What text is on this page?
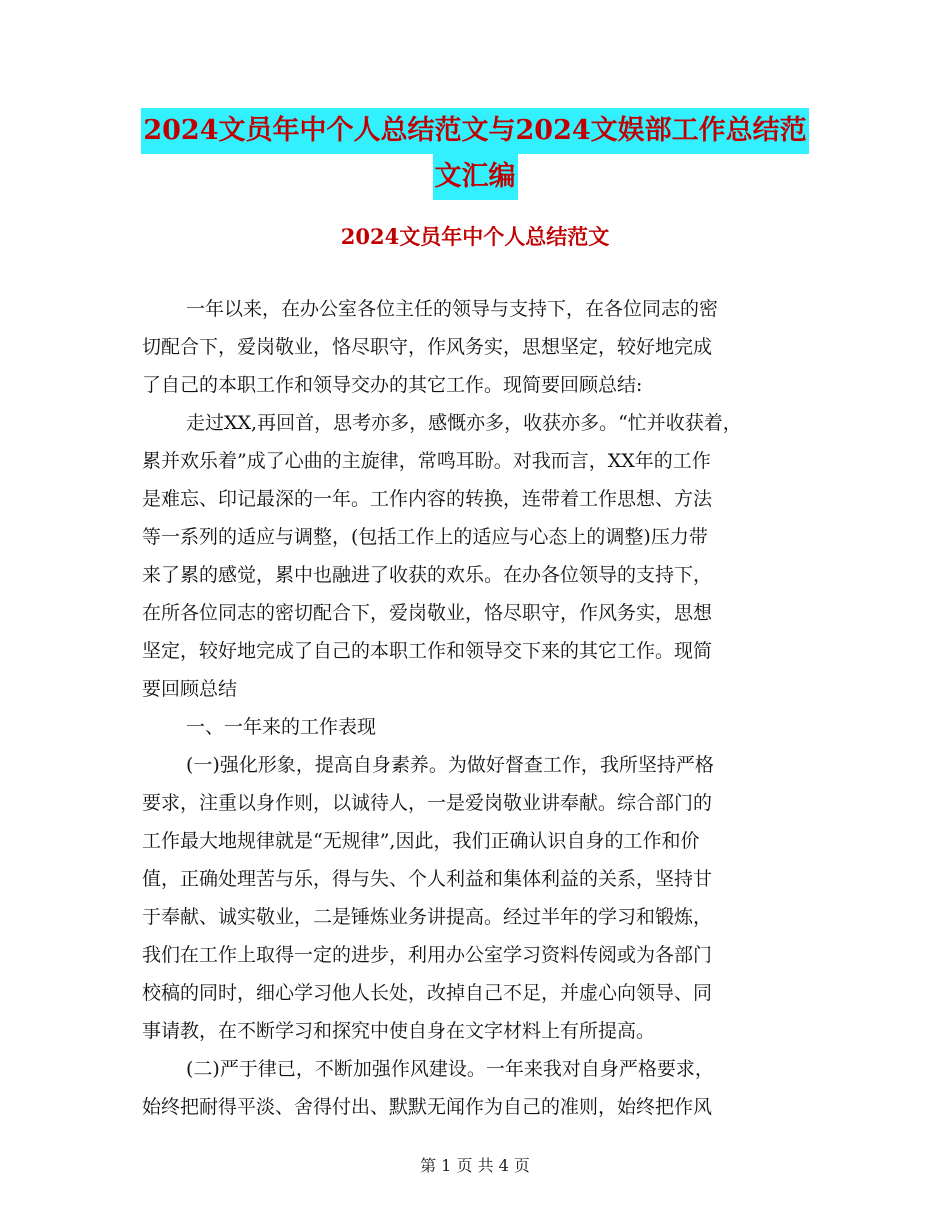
2024文员年中个人总结范文与2024文娱部工作总结范
文汇编
2024文员年中个人总结范文
一年以来，在办公室各位主任的领导与支持下，在各位同志的密
切配合下，爱岗敬业，恪尽职守，作风务实，思想坚定，较好地完成
了自己的本职工作和领导交办的其它工作。现简要回顾总结:
走过XX,再回首，思考亦多，感慨亦多，收获亦多。“忙并收获着，
累并欢乐着”成了心曲的主旋律，常鸣耳盼。对我而言，XX年的工作
是难忘、印记最深的一年。工作内容的转换，连带着工作思想、方法
等一系列的适应与调整，(包括工作上的适应与心态上的调整)压力带
来了累的感觉，累中也融进了收获的欢乐。在办各位领导的支持下，
在所各位同志的密切配合下，爱岗敬业，恪尽职守，作风务实，思想
坚定，较好地完成了自己的本职工作和领导交下来的其它工作。现简
要回顾总结
一、一年来的工作表现
(一)强化形象，提高自身素养。为做好督查工作，我所坚持严格
要求，注重以身作则，以诚待人，一是爱岗敬业讲奉献。综合部门的
工作最大地规律就是“无规律”,因此，我们正确认识自身的工作和价
值，正确处理苦与乐，得与失、个人利益和集体利益的关系，坚持甘
于奉献、诚实敬业，二是锤炼业务讲提高。经过半年的学习和锻炼，
我们在工作上取得一定的进步，利用办公室学习资料传阅或为各部门
校稿的同时，细心学习他人长处，改掉自己不足，并虚心向领导、同
事请教，在不断学习和探究中使自身在文字材料上有所提高。
(二)严于律已，不断加强作风建设。一年来我对自身严格要求，
始终把耐得平淡、舍得付出、默默无闻作为自己的准则，始终把作风
第 1 页 共 4 页
